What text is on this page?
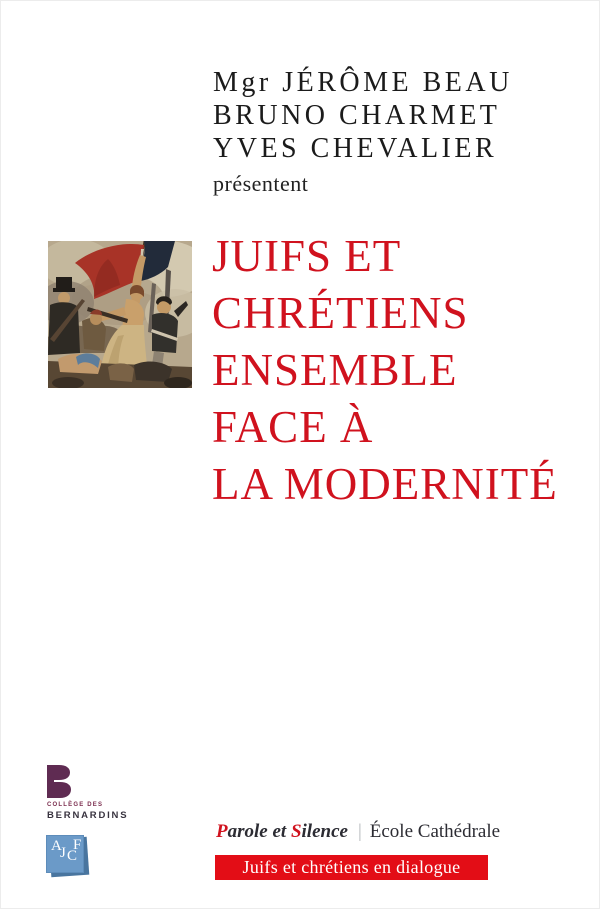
Mgr JÉRÔME BEAU
BRUNO CHARMET
YVES CHEVALIER
présentent
JUIFS ET
CHRÉTIENS
ENSEMBLE
FACE À
LA MODERNITÉ
COLLÈGE DES
BERNARDINS
A
J C
F
Parole et Silence | École Cathédrale
Juifs et chrétiens en dialogue
